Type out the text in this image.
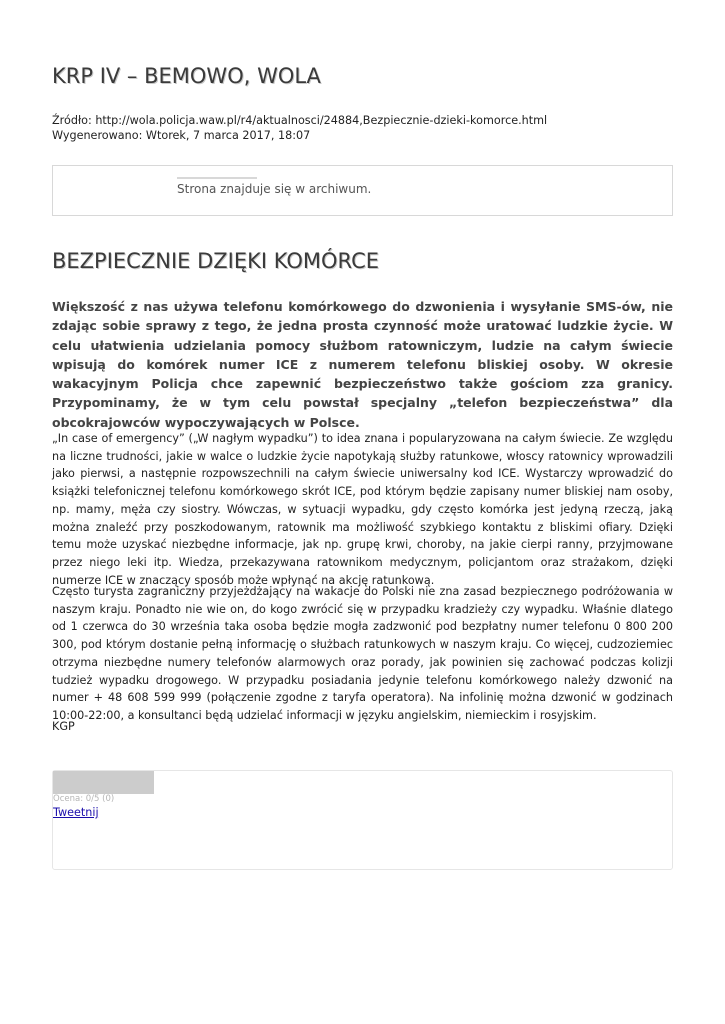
KRP IV – BEMOWO, WOLA
Źródło: http://wola.policja.waw.pl/r4/aktualnosci/24884,Bezpiecznie-dzieki-komorce.html
Wygenerowano: Wtorek, 7 marca 2017, 18:07
Strona znajduje się w archiwum.
BEZPIECZNIE DZIĘKI KOMÓRCE

Większość z nas używa telefonu komórkowego do dzwonienia i wysyłanie SMS-ów, nie zdając sobie sprawy z tego, że jedna prosta czynność może uratować ludzkie życie. W celu ułatwienia udzielania pomocy służbom ratowniczym, ludzie na całym świecie wpisują do komórek numer ICE z numerem telefonu bliskiej osoby. W okresie wakacyjnym Policja chce zapewnić bezpieczeństwo także gościom zza granicy. Przypominamy, że w tym celu powstał specjalny „telefon bezpieczeństwa” dla obcokrajowców wypoczywających w Polsce.

„In case of emergency” („W nagłym wypadku”) to idea znana i popularyzowana na całym świecie. Ze względu na liczne trudności, jakie w walce o ludzkie życie napotykają służby ratunkowe, włoscy ratownicy wprowadzili jako pierwsi, a następnie rozpowszechnili na całym świecie uniwersalny kod ICE. Wystarczy wprowadzić do książki telefonicznej telefonu komórkowego skrót ICE, pod którym będzie zapisany numer bliskiej nam osoby, np. mamy, męża czy siostry. Wówczas, w sytuacji wypadku, gdy często komórka jest jedyną rzeczą, jaką można znaleźć przy poszkodowanym, ratownik ma możliwość szybkiego kontaktu z bliskimi ofiary. Dzięki temu może uzyskać niezbędne informacje, jak np. grupę krwi, choroby, na jakie cierpi ranny, przyjmowane przez niego leki itp. Wiedza, przekazywana ratownikom medycznym, policjantom oraz strażakom, dzięki numerze ICE w znaczący sposób może wpłynąć na akcję ratunkową.

Często turysta zagraniczny przyjeżdżający na wakacje do Polski nie zna zasad bezpiecznego podróżowania w naszym kraju. Ponadto nie wie on, do kogo zwrócić się w przypadku kradzieży czy wypadku. Właśnie dlatego od 1 czerwca do 30 września taka osoba będzie mogła zadzwonić pod bezpłatny numer telefonu 0 800 200 300, pod którym dostanie pełną informację o służbach ratunkowych w naszym kraju. Co więcej, cudzoziemiec otrzyma niezbędne numery telefonów alarmowych oraz porady, jak powinien się zachować podczas kolizji tudzież wypadku drogowego. W przypadku posiadania jedynie telefonu komórkowego należy dzwonić na numer + 48 608 599 999 (połączenie zgodne z taryfa operatora). Na infolinię można dzwonić w godzinach 10:00-22:00, a konsultanci będą udzielać informacji w języku angielskim, niemieckim i rosyjskim.

KGP
Ocena: 0/5 (0)
Tweetnij
